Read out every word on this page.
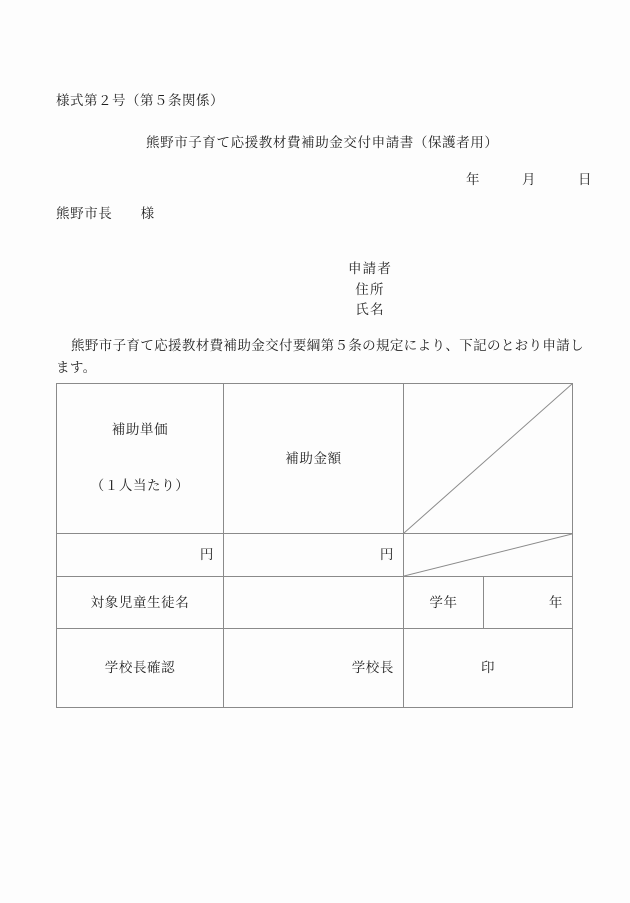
様式第２号（第５条関係）
熊野市子育て応援教材費補助金交付申請書（保護者用）
年　　　月　　　日
熊野市長　　様
申請者
住所
氏名
熊野市子育て応援教材費補助金交付要綱第５条の規定により、下記のとおり申請します。

補助単価

（１人当たり）	補助金額

円	円

対象児童生徒名		学年	年

学校長確認	学校長	印	
